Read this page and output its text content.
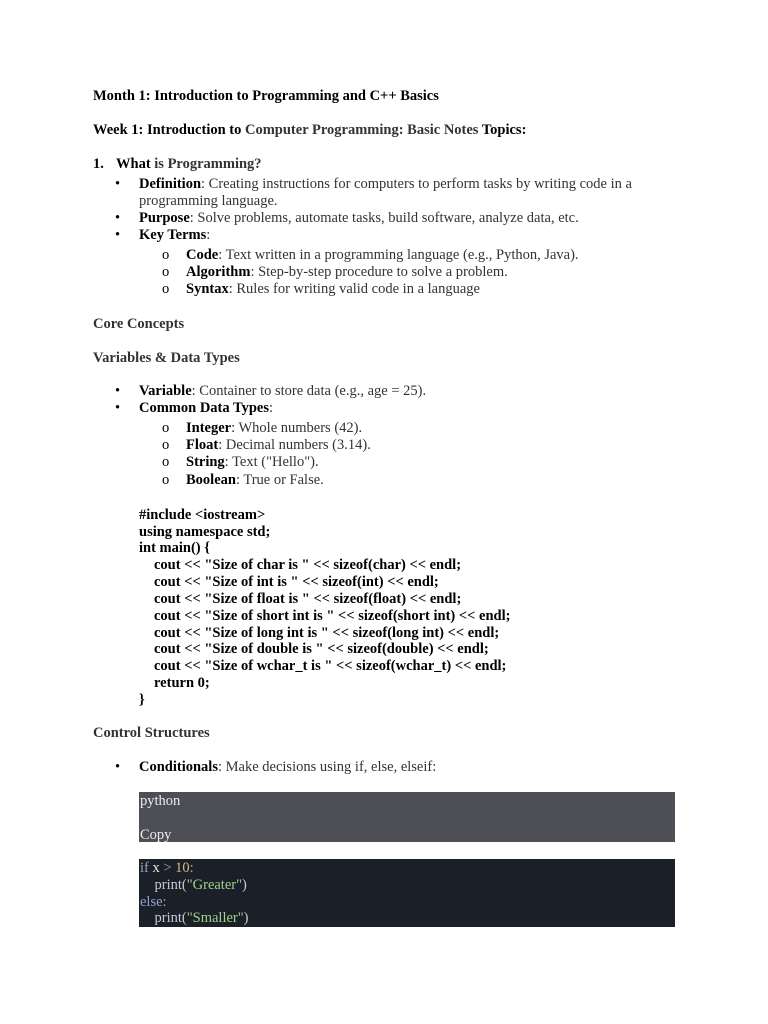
Month 1: Introduction to Programming and C++ Basics
Week 1: Introduction to Computer Programming: Basic Notes Topics:
1. What is Programming?
• Definition: Creating instructions for computers to perform tasks by writing code in a
programming language.
• Purpose: Solve problems, automate tasks, build software, analyze data, etc.
• Key Terms:
o Code: Text written in a programming language (e.g., Python, Java).
o Algorithm: Step-by-step procedure to solve a problem.
o Syntax: Rules for writing valid code in a language
Core Concepts
Variables & Data Types
• Variable: Container to store data (e.g., age = 25).
• Common Data Types:
o Integer: Whole numbers (42).
o Float: Decimal numbers (3.14).
o String: Text ("Hello").
o Boolean: True or False.
#include <iostream>
using namespace std;
int main() {
cout << "Size of char is " << sizeof(char) << endl;
cout << "Size of int is " << sizeof(int) << endl;
cout << "Size of float is " << sizeof(float) << endl;
cout << "Size of short int is " << sizeof(short int) << endl;
cout << "Size of long int is " << sizeof(long int) << endl;
cout << "Size of double is " << sizeof(double) << endl;
cout << "Size of wchar_t is " << sizeof(wchar_t) << endl;
return 0;
}
Control Structures
• Conditionals: Make decisions using if, else, elseif:
python
Copy
if x > 10:
print("Greater")
else:
print("Smaller")
